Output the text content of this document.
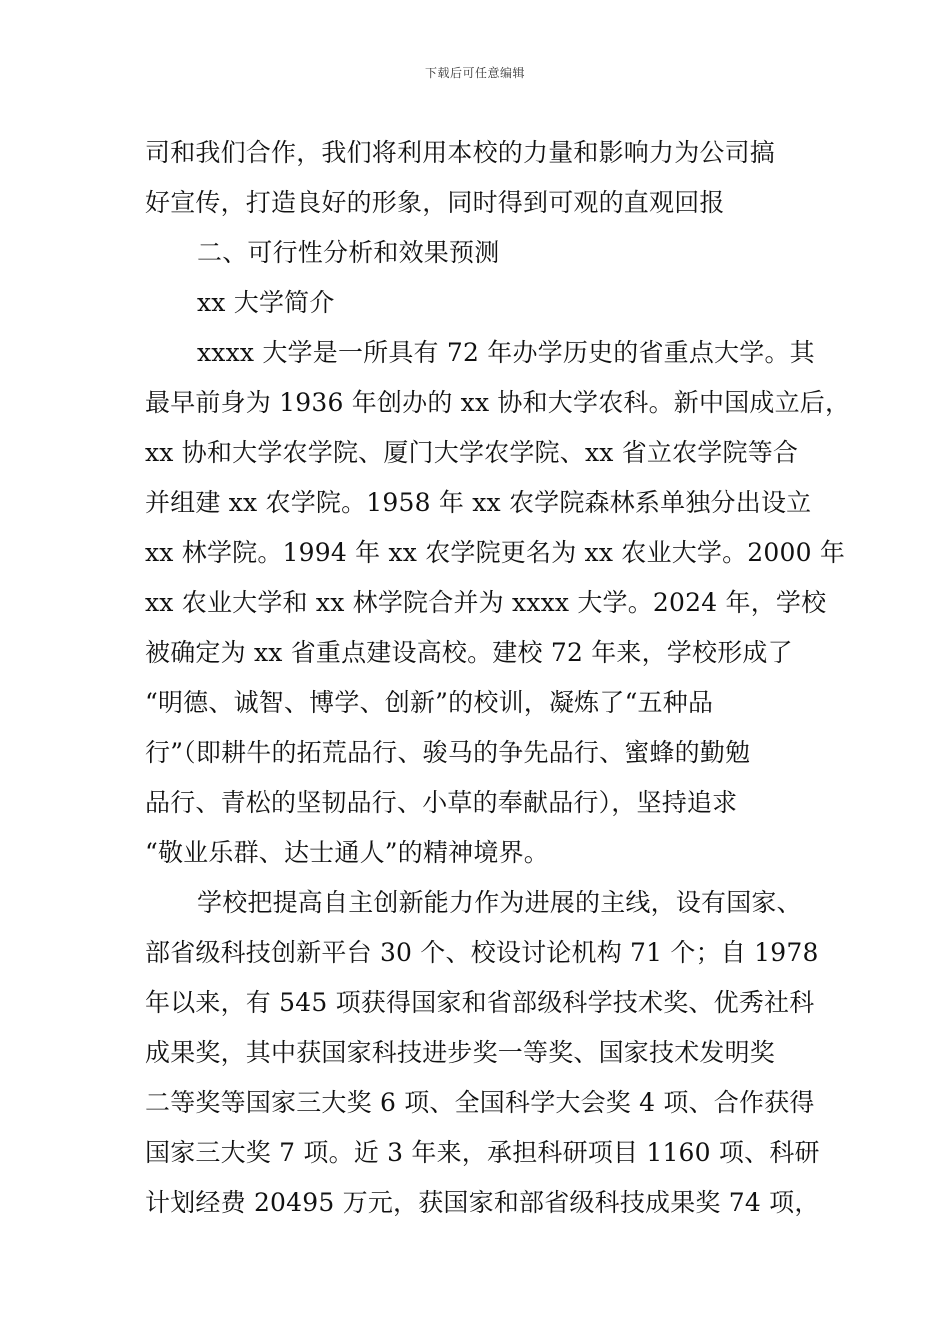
下载后可任意编辑
司和我们合作，我们将利用本校的力量和影响力为公司搞
好宣传，打造良好的形象，同时得到可观的直观回报
二、可行性分析和效果预测
xx 大学简介
xxxx 大学是一所具有 72 年办学历史的省重点大学。其
最早前身为 1936 年创办的 xx 协和大学农科。新中国成立后，
xx 协和大学农学院、厦门大学农学院、xx 省立农学院等合
并组建 xx 农学院。1958 年 xx 农学院森林系单独分出设立
xx 林学院。1994 年 xx 农学院更名为 xx 农业大学。2000 年
xx 农业大学和 xx 林学院合并为 xxxx 大学。2024 年，学校
被确定为 xx 省重点建设高校。建校 72 年来，学校形成了
“明德、诚智、博学、创新”的校训，凝炼了“五种品
行”（即耕牛的拓荒品行、骏马的争先品行、蜜蜂的勤勉
品行、青松的坚韧品行、小草的奉献品行），坚持追求
“敬业乐群、达士通人”的精神境界。
学校把提高自主创新能力作为进展的主线，设有国家、
部省级科技创新平台 30 个、校设讨论机构 71 个；自 1978
年以来，有 545 项获得国家和省部级科学技术奖、优秀社科
成果奖，其中获国家科技进步奖一等奖、国家技术发明奖
二等奖等国家三大奖 6 项、全国科学大会奖 4 项、合作获得
国家三大奖 7 项。近 3 年来，承担科研项目 1160 项、科研
计划经费 20495 万元，获国家和部省级科技成果奖 74 项，
